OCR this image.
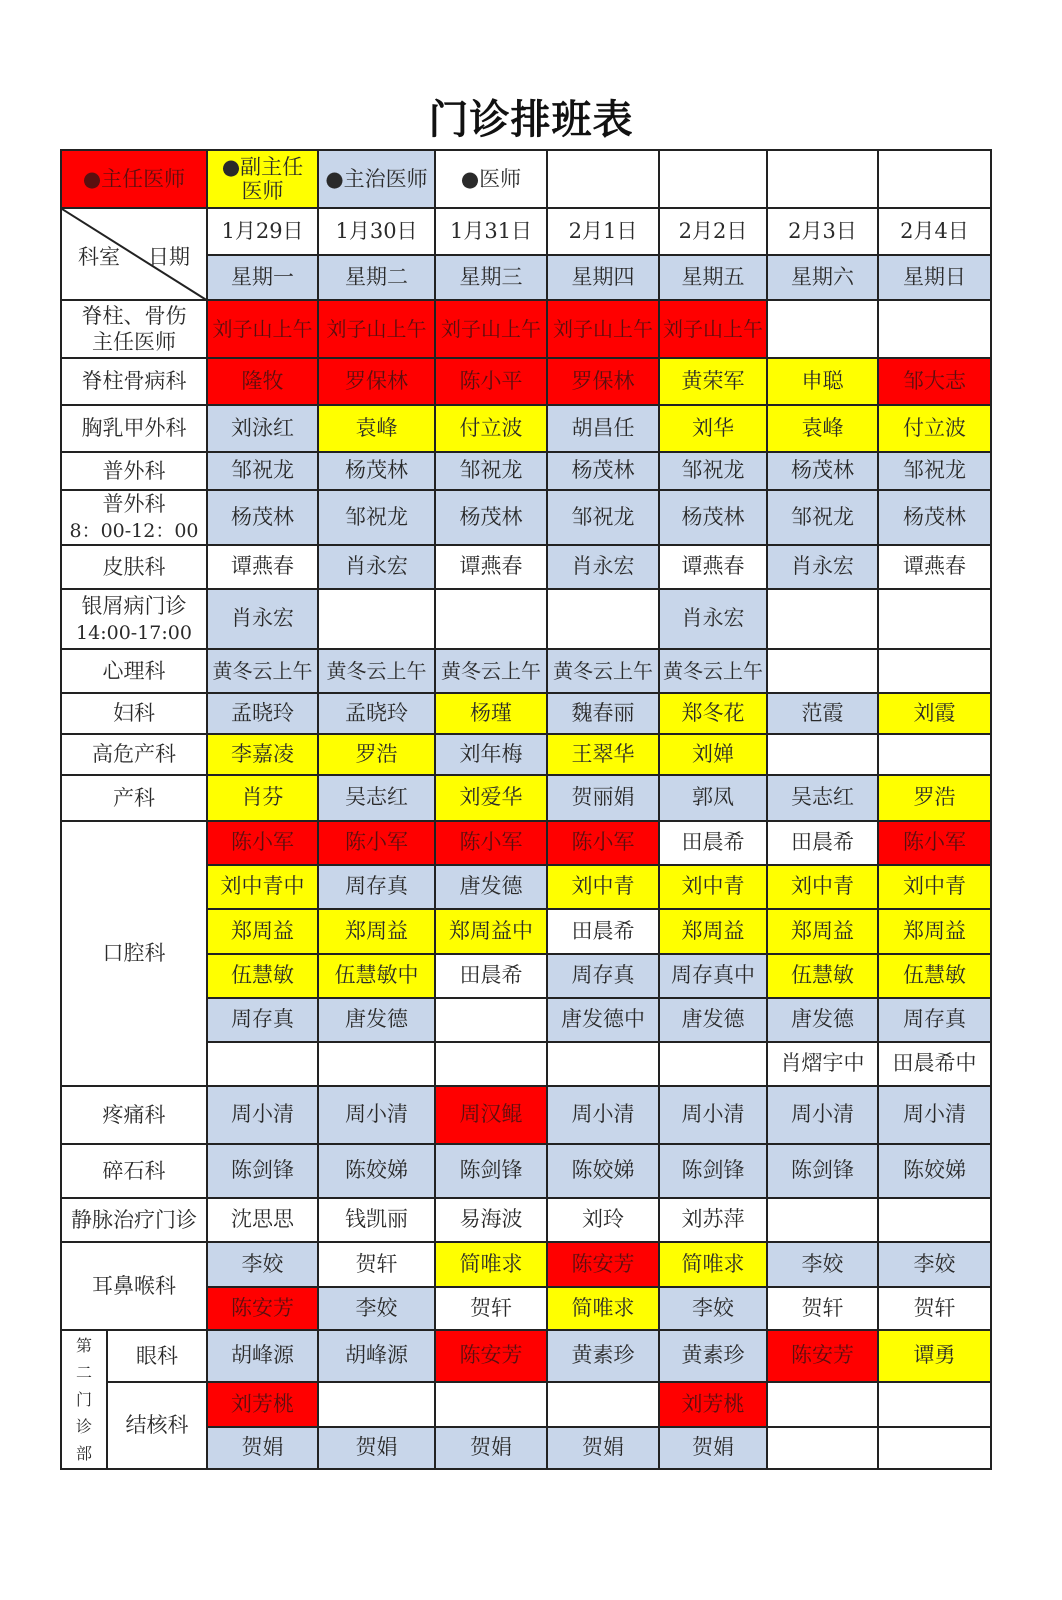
门诊排班表
●主任医师		●副主任
医师	●主治医师	●医师				

科室 日期		1月29日	1月30日	1月31日	2月1日	2月2日	2月3日	2月4日
		星期一	星期二	星期三	星期四	星期五	星期六	星期日
脊柱、骨伤
主任医师		刘子山上午	刘子山上午	刘子山上午	刘子山上午	刘子山上午		
脊柱骨病科		隆牧	罗保林	陈小平	罗保林	黄荣军	申聪	邹大志
胸乳甲外科		刘泳红	袁峰	付立波	胡昌任	刘华	袁峰	付立波
普外科		邹祝龙	杨茂林	邹祝龙	杨茂林	邹祝龙	杨茂林	邹祝龙
普外科
8：00-12：00		杨茂林	邹祝龙	杨茂林	邹祝龙	杨茂林	邹祝龙	杨茂林
皮肤科		谭燕春	肖永宏	谭燕春	肖永宏	谭燕春	肖永宏	谭燕春
银屑病门诊
14:00-17:00		肖永宏				肖永宏		
心理科		黄冬云上午	黄冬云上午	黄冬云上午	黄冬云上午	黄冬云上午		
妇科		孟晓玲	孟晓玲	杨瑾	魏春丽	郑冬花	范霞	刘霞
高危产科		李嘉凌	罗浩	刘年梅	王翠华	刘婵		
产科		肖芬	吴志红	刘爱华	贺丽娟	郭凤	吴志红	罗浩
口腔科		陈小军	陈小军	陈小军	陈小军	田晨希	田晨希	陈小军
		刘中青中	周存真	唐发德	刘中青	刘中青	刘中青	刘中青
		郑周益	郑周益	郑周益中	田晨希	郑周益	郑周益	郑周益
		伍慧敏	伍慧敏中	田晨希	周存真	周存真中	伍慧敏	伍慧敏
		周存真	唐发德		唐发德中	唐发德	唐发德	周存真
							肖熠宇中	田晨希中
疼痛科		周小清	周小清	周汉鲲	周小清	周小清	周小清	周小清
碎石科		陈剑锋	陈姣娣	陈剑锋	陈姣娣	陈剑锋	陈剑锋	陈姣娣
静脉治疗门诊		沈思思	钱凯丽	易海波	刘玲	刘苏萍		
耳鼻喉科		李姣	贺轩	简唯求	陈安芳	简唯求	李姣	李姣
		陈安芳	李姣	贺轩	简唯求	李姣	贺轩	贺轩

第二门诊部	眼科	胡峰源	胡峰源	陈安芳	黄素珍	黄素珍	陈安芳	谭勇
	结核科	刘芳桃				刘芳桃		
		贺娟	贺娟	贺娟	贺娟	贺娟		
